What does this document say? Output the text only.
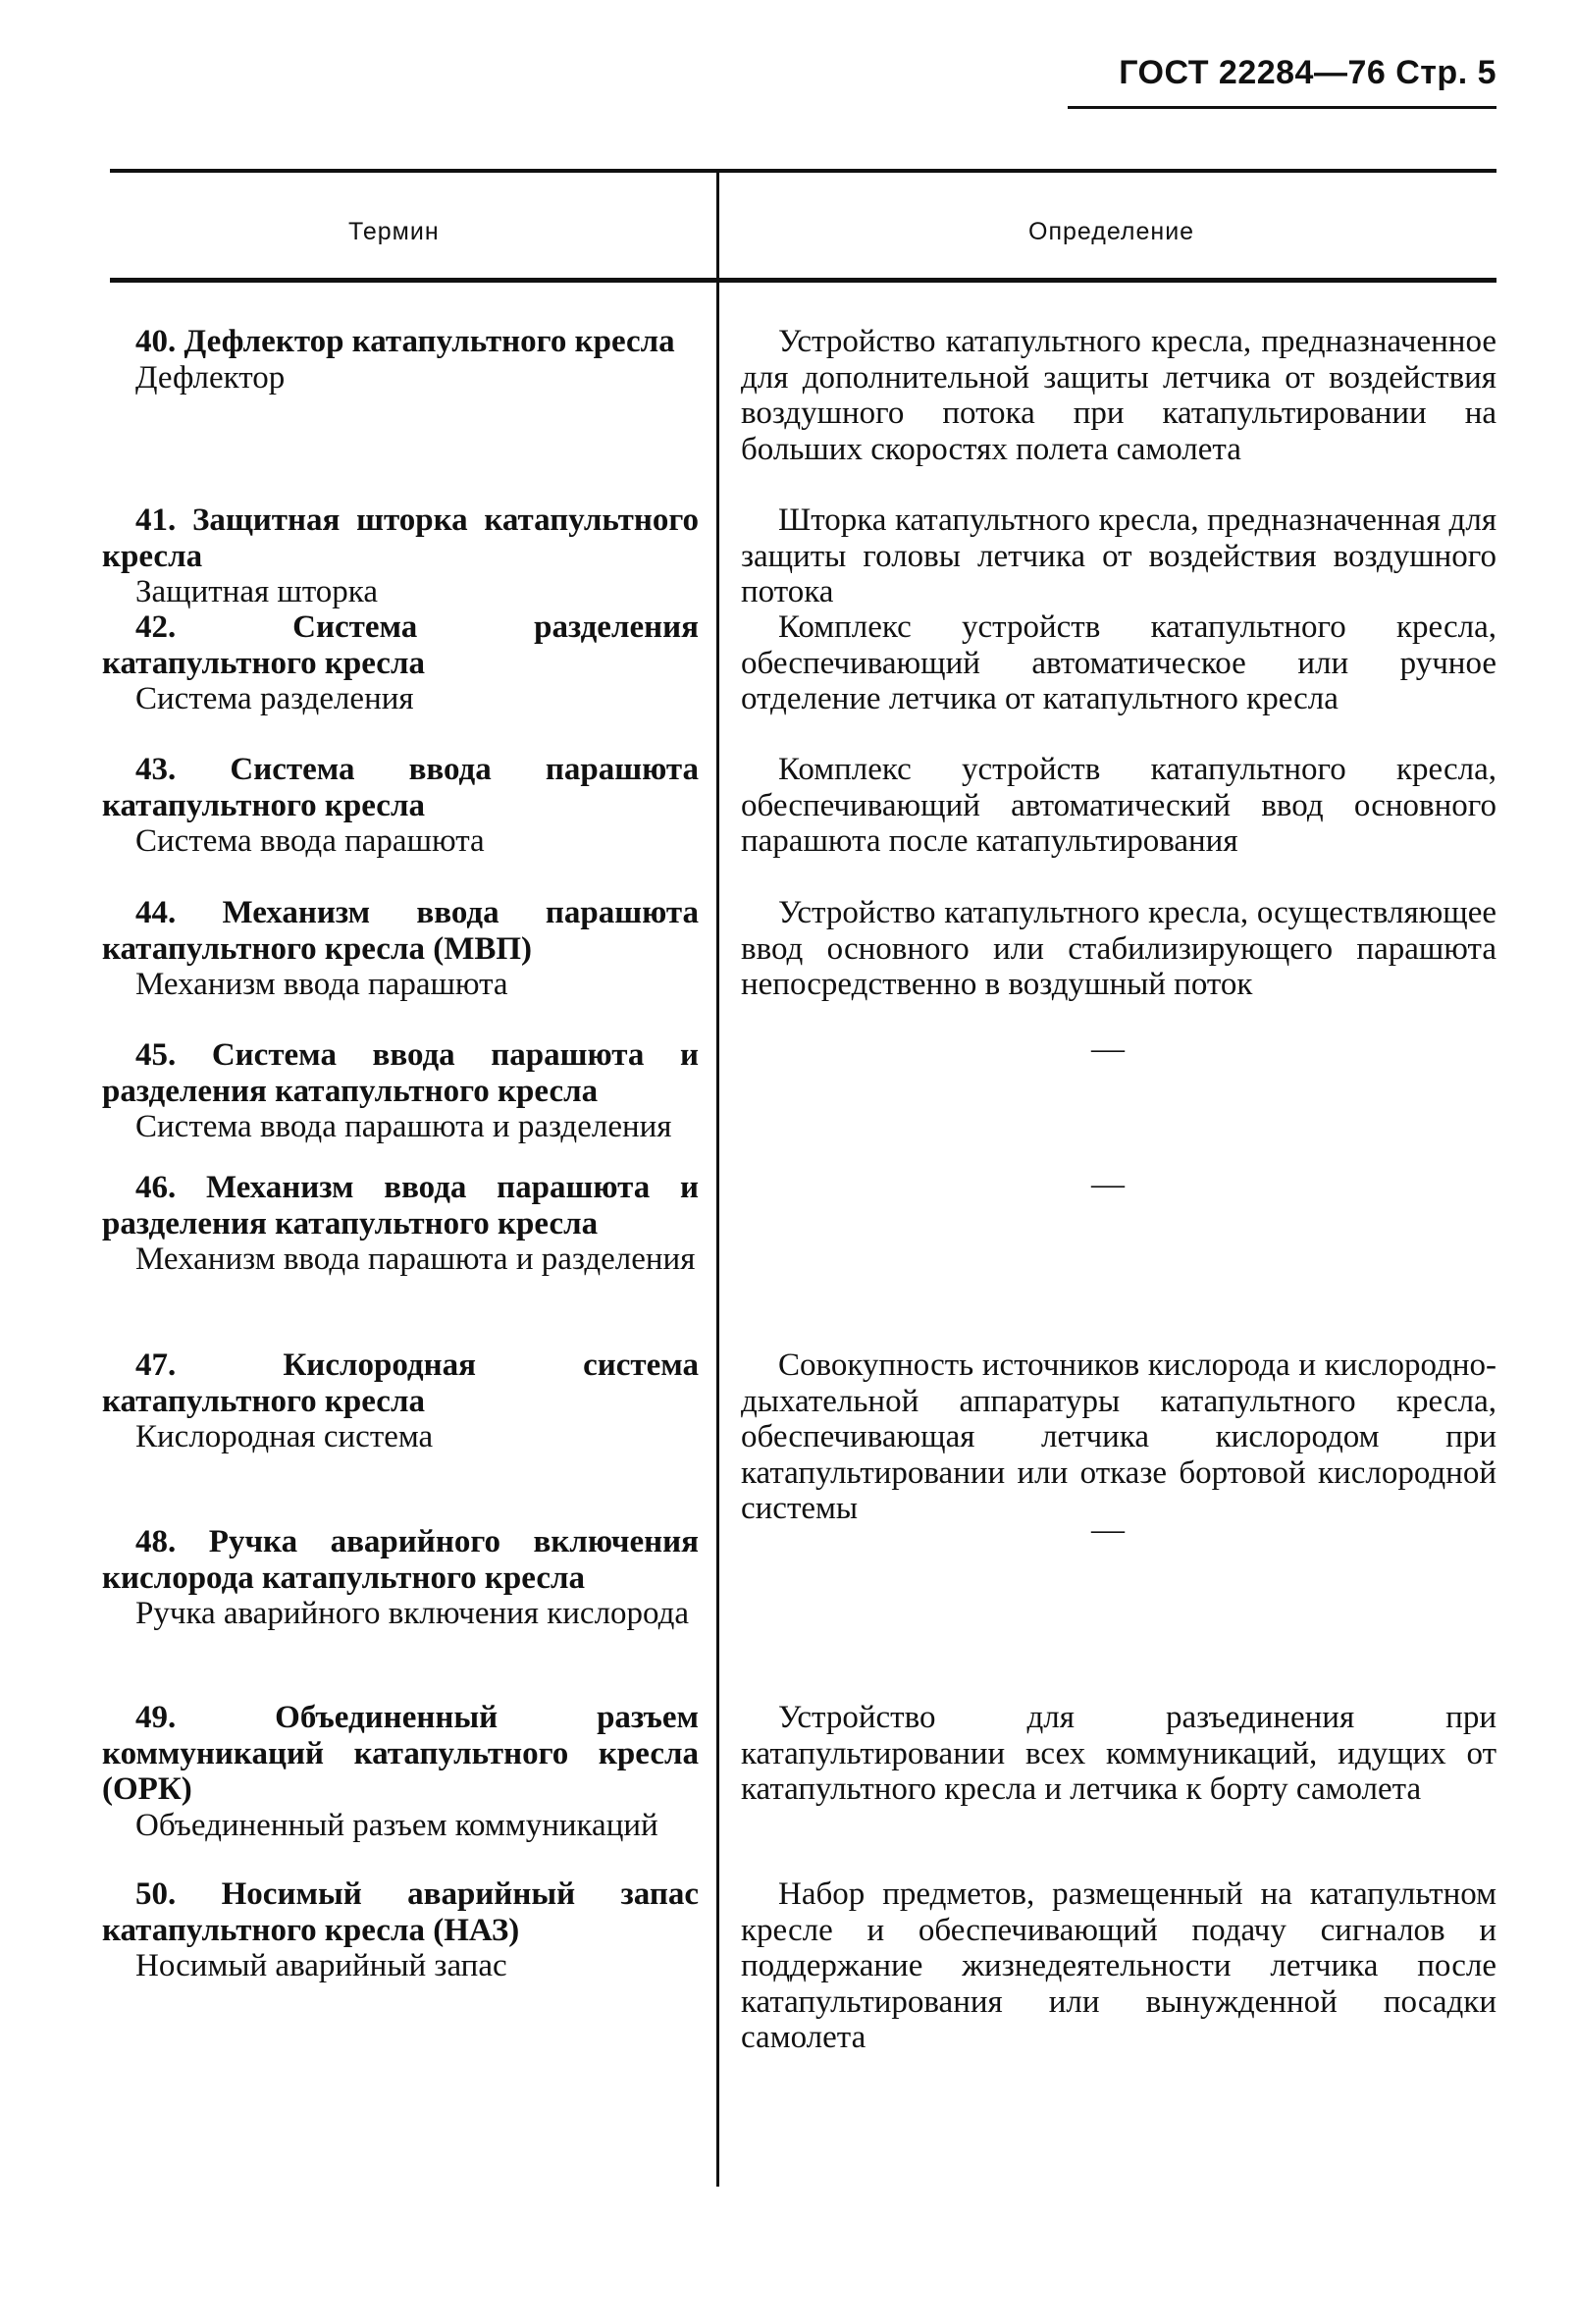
ГОСТ 22284—76 Стр. 5
Термин	Определение
40. Дефлектор катапультного кресла
Дефлектор
Устройство катапультного кресла, предназначенное для дополнительной защиты летчика от воздействия воздушного потока при катапультировании на больших скоростях полета самолета
41. Защитная шторка катапультного кресла
Защитная шторка
Шторка катапультного кресла, предназначенная для защиты головы летчика от воздействия воздушного потока
42. Система разделения катапультного кресла
Система разделения
Комплекс устройств катапультного кресла, обеспечивающий автоматическое или ручное отделение летчика от катапультного кресла
43. Система ввода парашюта катапультного кресла
Система ввода парашюта
Комплекс устройств катапультного кресла, обеспечивающий автоматический ввод основного парашюта после катапультирования
44. Механизм ввода парашюта катапультного кресла (МВП)
Механизм ввода парашюта
Устройство катапультного кресла, осуществляющее ввод основного или стабилизирующего парашюта непосредственно в воздушный поток
45. Система ввода парашюта и разделения катапультного кресла
Система ввода парашюта и разделения
—
46. Механизм ввода парашюта и разделения катапультного кресла
Механизм ввода парашюта и разделения
—
47. Кислородная система катапультного кресла
Кислородная система
Совокупность источников кислорода и кислородно-дыхательной аппаратуры катапультного кресла, обеспечивающая летчика кислородом при катапультировании или отказе бортовой кислородной системы
48. Ручка аварийного включения кислорода катапультного кресла
Ручка аварийного включения кислорода
—
49. Объединенный разъем коммуникаций катапультного кресла (ОРК)
Объединенный разъем коммуникаций
Устройство для разъединения при катапультировании всех коммуникаций, идущих от катапультного кресла и летчика к борту самолета
50. Носимый аварийный запас катапультного кресла (НАЗ)
Носимый аварийный запас
Набор предметов, размещенный на катапультном кресле и обеспечивающий подачу сигналов и поддержание жизнедеятельности летчика после катапультирования или вынужденной посадки самолета
